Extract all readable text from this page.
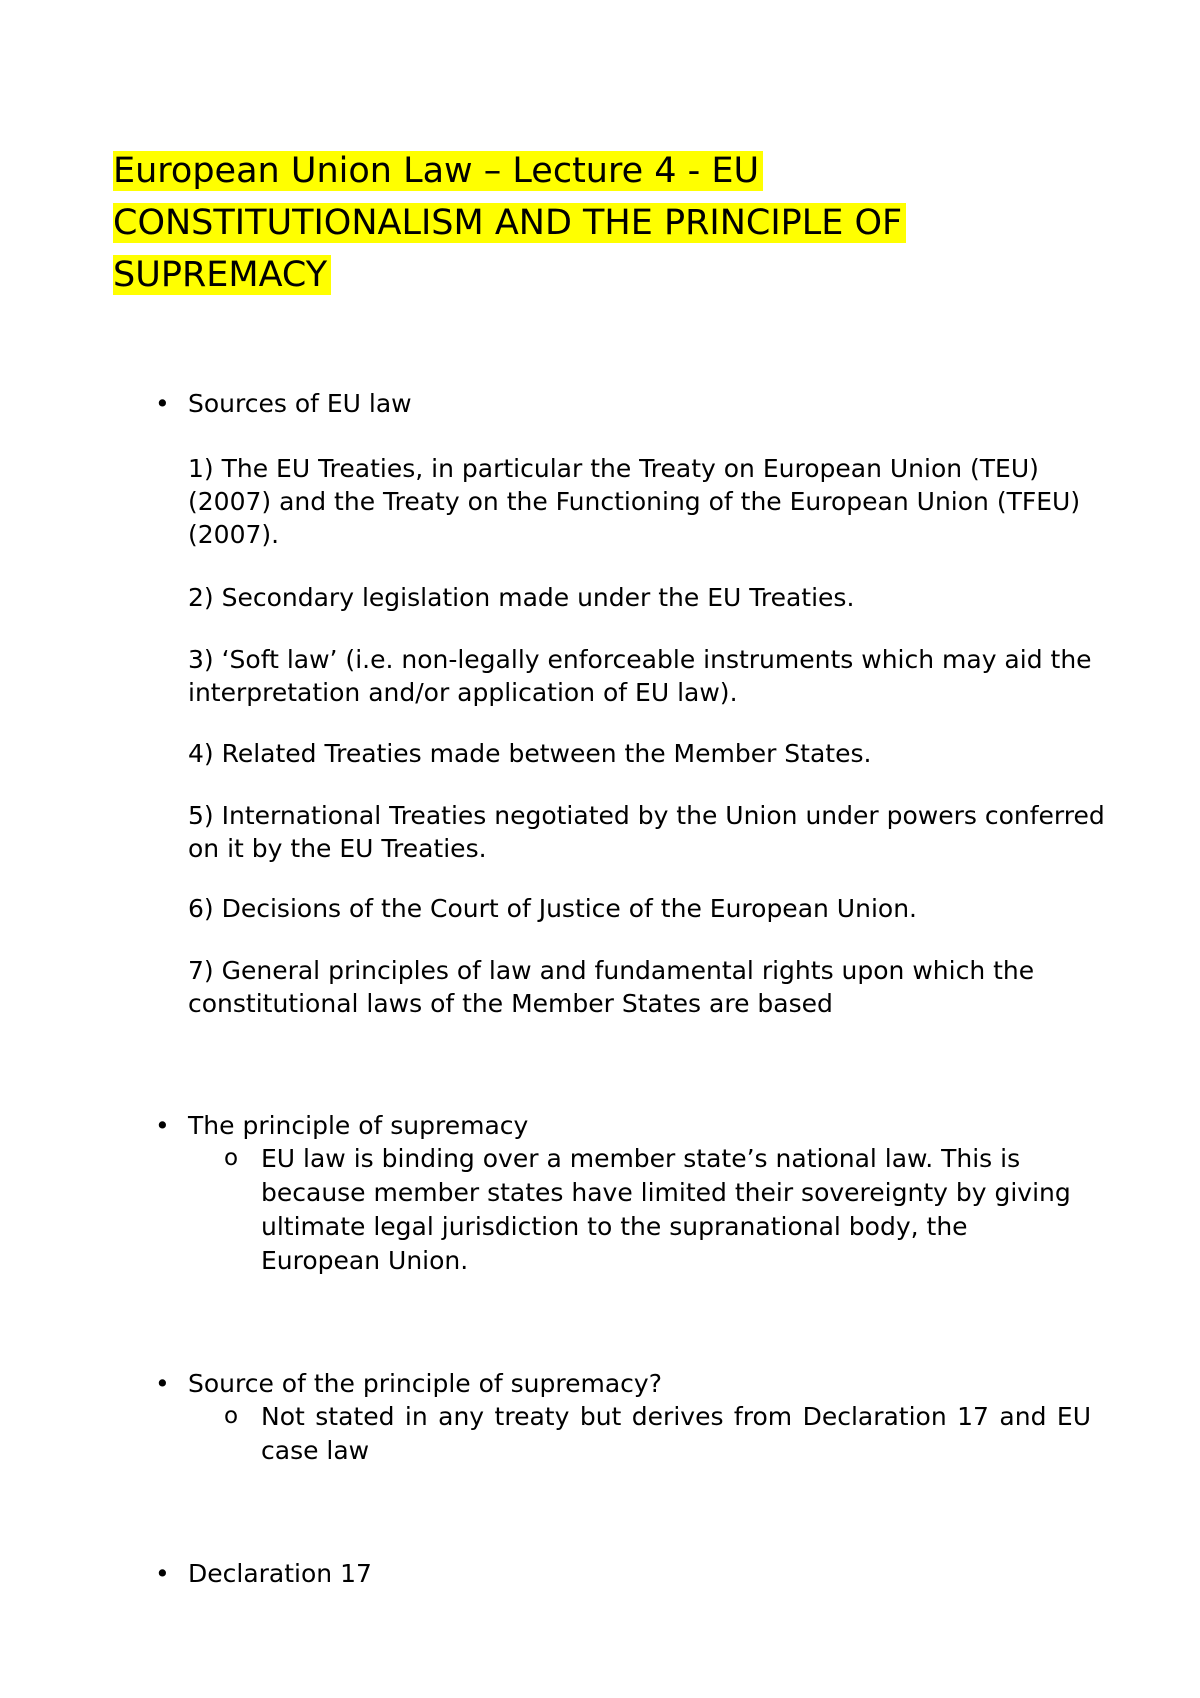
European Union Law – Lecture 4 - EU CONSTITUTIONALISM AND THE PRINCIPLE OF SUPREMACY
• Sources of EU law

1) The EU Treaties, in particular the Treaty on European Union (TEU) (2007) and the Treaty on the Functioning of the European Union (TFEU) (2007).

2) Secondary legislation made under the EU Treaties.

3) ‘Soft law’ (i.e. non-legally enforceable instruments which may aid the interpretation and/or application of EU law).

4) Related Treaties made between the Member States.

5) International Treaties negotiated by the Union under powers conferred on it by the EU Treaties.

6) Decisions of the Court of Justice of the European Union.

7) General principles of law and fundamental rights upon which the constitutional laws of the Member States are based

• The principle of supremacy

o EU law is binding over a member state’s national law. This is because member states have limited their sovereignty by giving ultimate legal jurisdiction to the supranational body, the European Union.

• Source of the principle of supremacy?

o Not stated in any treaty but derives from Declaration 17 and EU case law

• Declaration 17
